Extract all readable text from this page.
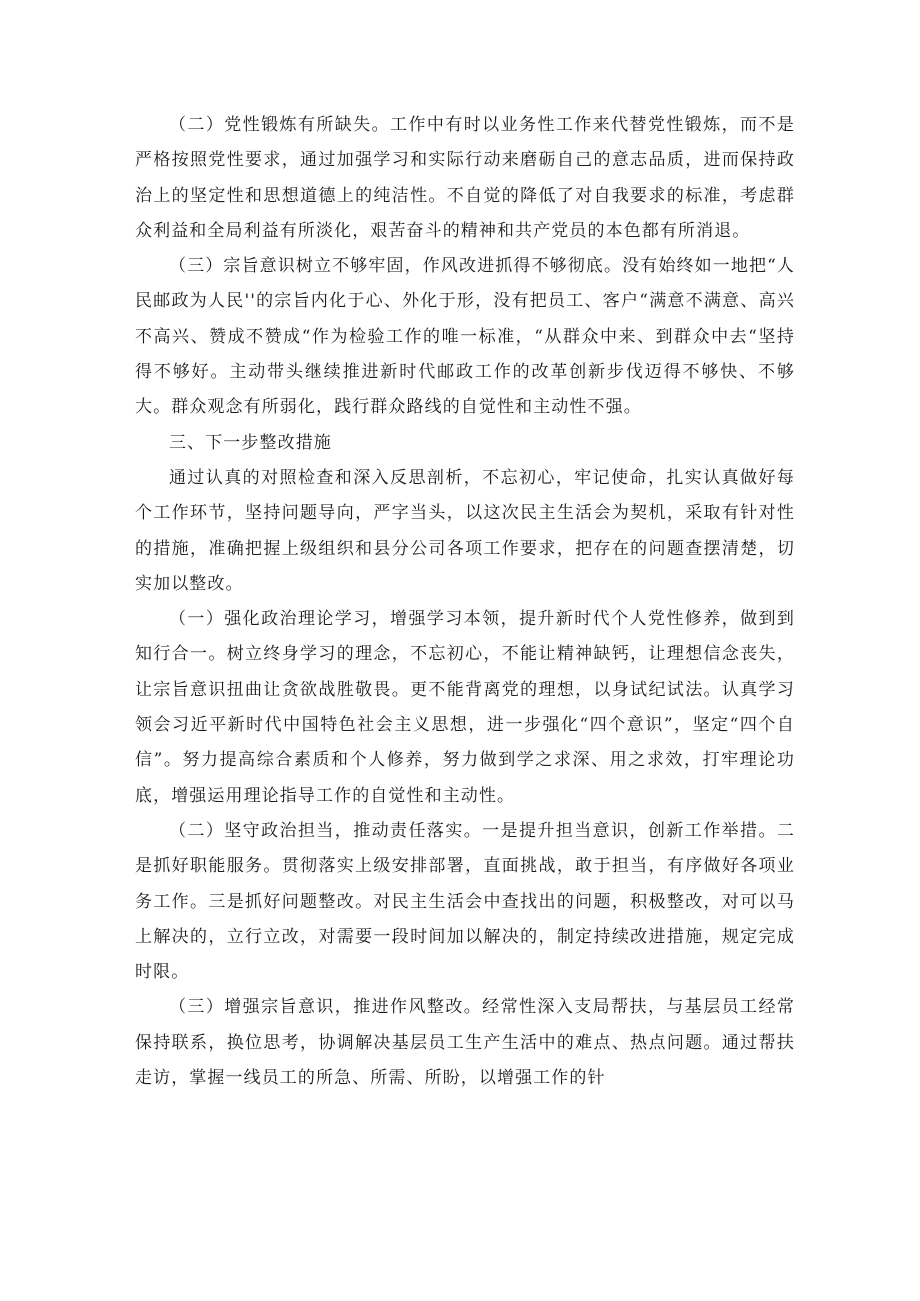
（二）党性锻炼有所缺失。工作中有时以业务性工作来代替党性锻炼，而不是严格按照党性要求，通过加强学习和实际行动来磨砺自己的意志品质，进而保持政治上的坚定性和思想道德上的纯洁性。不自觉的降低了对自我要求的标准，考虑群众利益和全局利益有所淡化，艰苦奋斗的精神和共产党员的本色都有所消退。

（三）宗旨意识树立不够牢固，作风改进抓得不够彻底。没有始终如一地把“人民邮政为人民''的宗旨内化于心、外化于形，没有把员工、客户“满意不满意、高兴不高兴、赞成不赞成“作为检验工作的唯一标准，“从群众中来、到群众中去“坚持得不够好。主动带头继续推进新时代邮政工作的改革创新步伐迈得不够快、不够大。群众观念有所弱化，践行群众路线的自觉性和主动性不强。

三、下一步整改措施

通过认真的对照检查和深入反思剖析，不忘初心，牢记使命，扎实认真做好每个工作环节，坚持问题导向，严字当头，以这次民主生活会为契机，采取有针对性的措施，准确把握上级组织和县分公司各项工作要求，把存在的问题查摆清楚，切实加以整改。

（一）强化政治理论学习，增强学习本领，提升新时代个人党性修养，做到到知行合一。树立终身学习的理念，不忘初心，不能让精神缺钙，让理想信念丧失，让宗旨意识扭曲让贪欲战胜敬畏。更不能背离党的理想，以身试纪试法。认真学习领会习近平新时代中国特色社会主义思想，进一步强化“四个意识”，坚定“四个自信”。努力提高综合素质和个人修养，努力做到学之求深、用之求效，打牢理论功底，增强运用理论指导工作的自觉性和主动性。

（二）坚守政治担当，推动责任落实。一是提升担当意识，创新工作举措。二是抓好职能服务。贯彻落实上级安排部署，直面挑战，敢于担当，有序做好各项业务工作。三是抓好问题整改。对民主生活会中查找出的问题，积极整改，对可以马上解决的，立行立改，对需要一段时间加以解决的，制定持续改进措施，规定完成时限。

（三）增强宗旨意识，推进作风整改。经常性深入支局帮扶，与基层员工经常保持联系，换位思考，协调解决基层员工生产生活中的难点、热点问题。通过帮扶走访，掌握一线员工的所急、所需、所盼，以增强工作的针
